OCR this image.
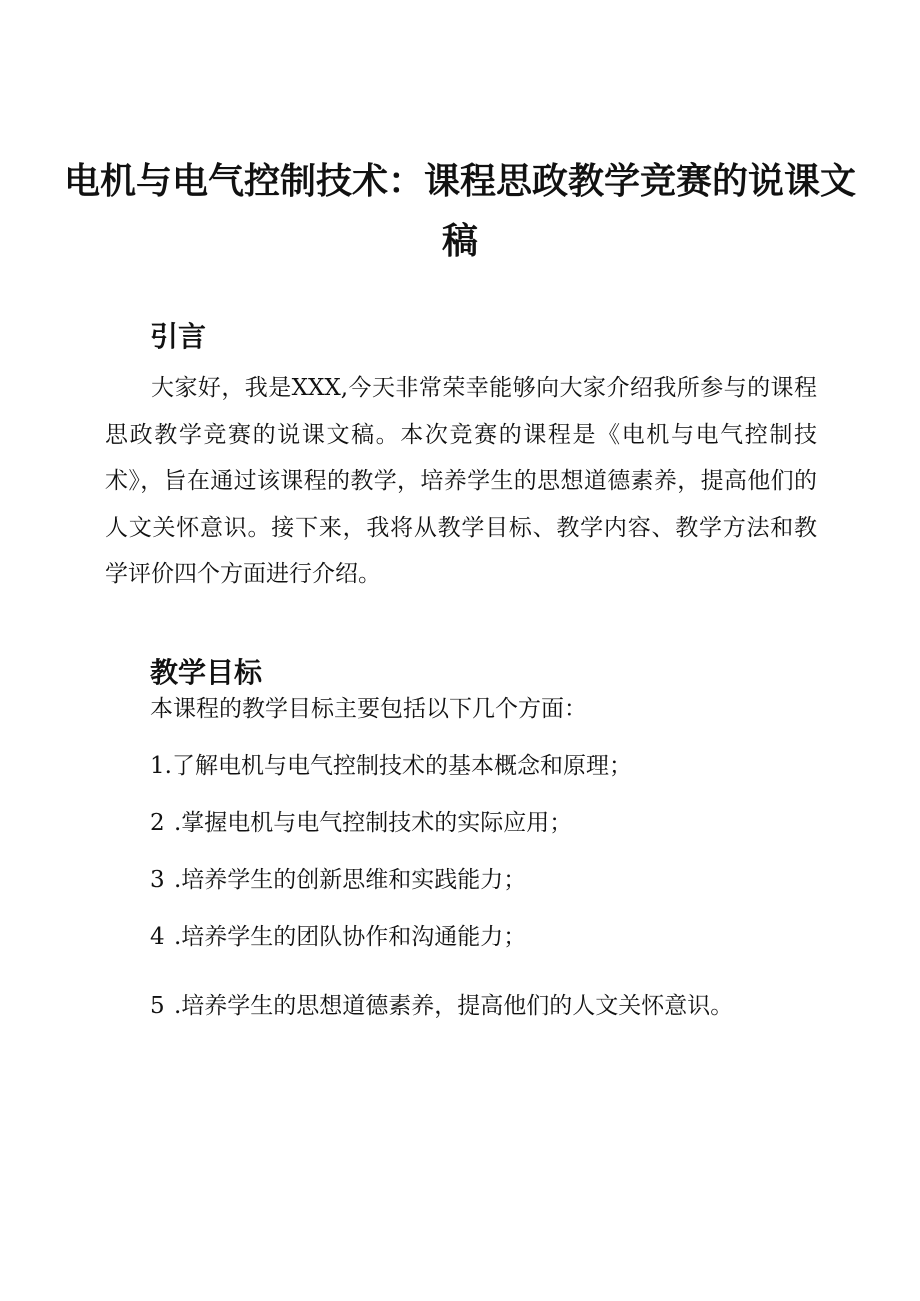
电机与电气控制技术：课程思政教学竞赛的说课文稿
引言

大家好，我是XXX,今天非常荣幸能够向大家介绍我所参与的课程思政教学竞赛的说课文稿。本次竞赛的课程是《电机与电气控制技术》，旨在通过该课程的教学，培养学生的思想道德素养，提高他们的人文关怀意识。接下来，我将从教学目标、教学内容、教学方法和教学评价四个方面进行介绍。

教学目标

本课程的教学目标主要包括以下几个方面：

1.了解电机与电气控制技术的基本概念和原理；

2 .掌握电机与电气控制技术的实际应用；

3 .培养学生的创新思维和实践能力；

4 .培养学生的团队协作和沟通能力；

5 .培养学生的思想道德素养，提高他们的人文关怀意识。
